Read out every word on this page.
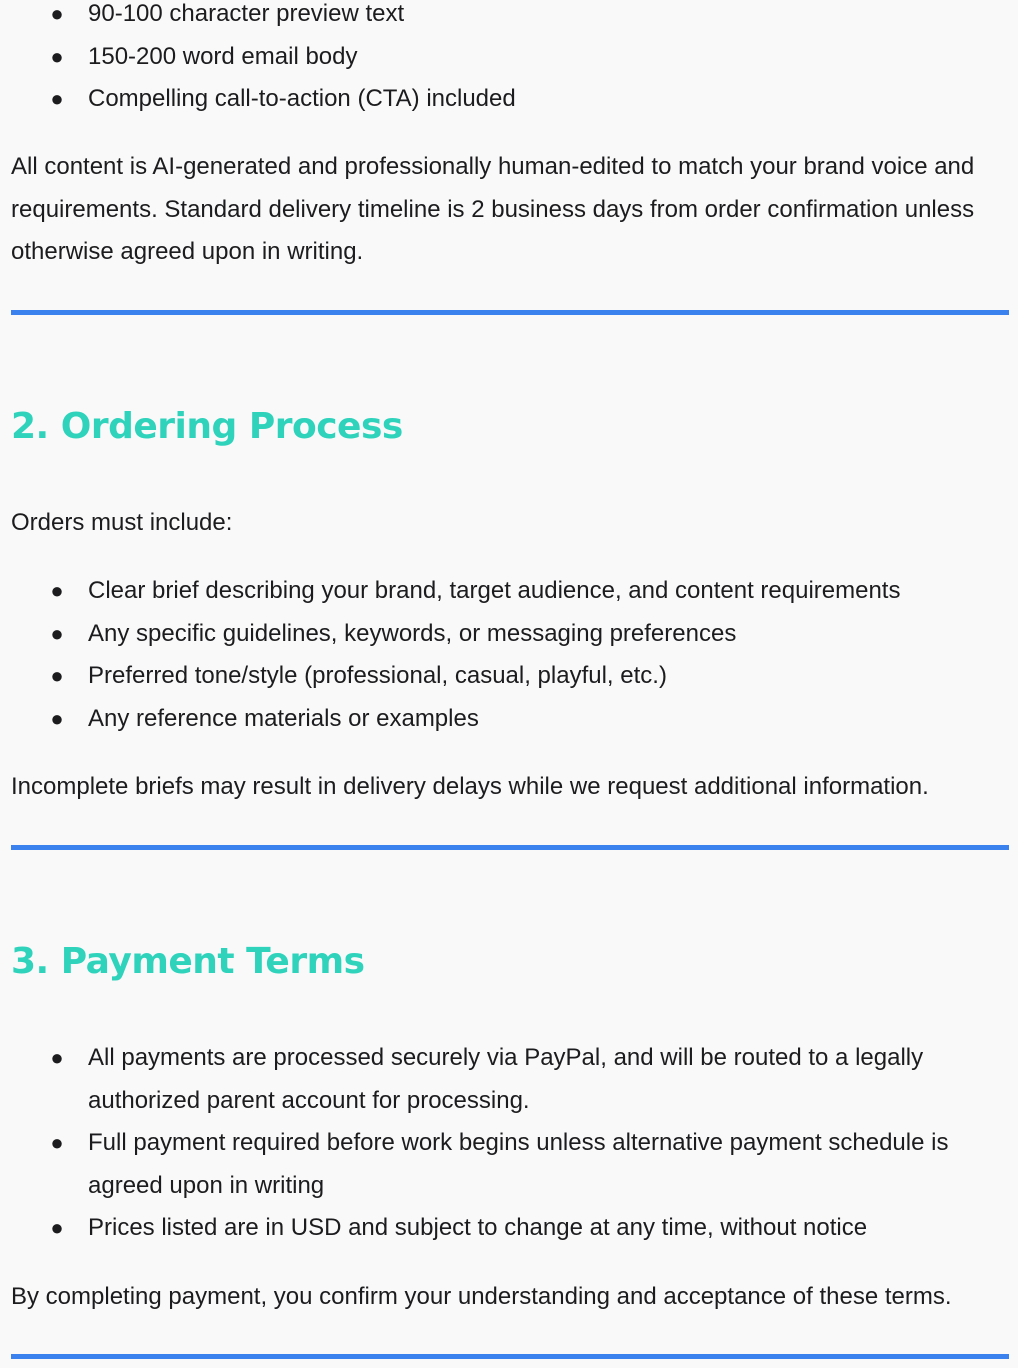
● 90-100 character preview text
● 150-200 word email body
● Compelling call-to-action (CTA) included

All content is AI-generated and professionally human-edited to match your brand voice and requirements. Standard delivery timeline is 2 business days from order confirmation unless otherwise agreed upon in writing.

2. Ordering Process

Orders must include:

● Clear brief describing your brand, target audience, and content requirements
● Any specific guidelines, keywords, or messaging preferences
● Preferred tone/style (professional, casual, playful, etc.)
● Any reference materials or examples

Incomplete briefs may result in delivery delays while we request additional information.

3. Payment Terms
● All payments are processed securely via PayPal, and will be routed to a legally authorized parent account for processing.
● Full payment required before work begins unless alternative payment schedule is agreed upon in writing
● Prices listed are in USD and subject to change at any time, without notice

By completing payment, you confirm your understanding and acceptance of these terms.
